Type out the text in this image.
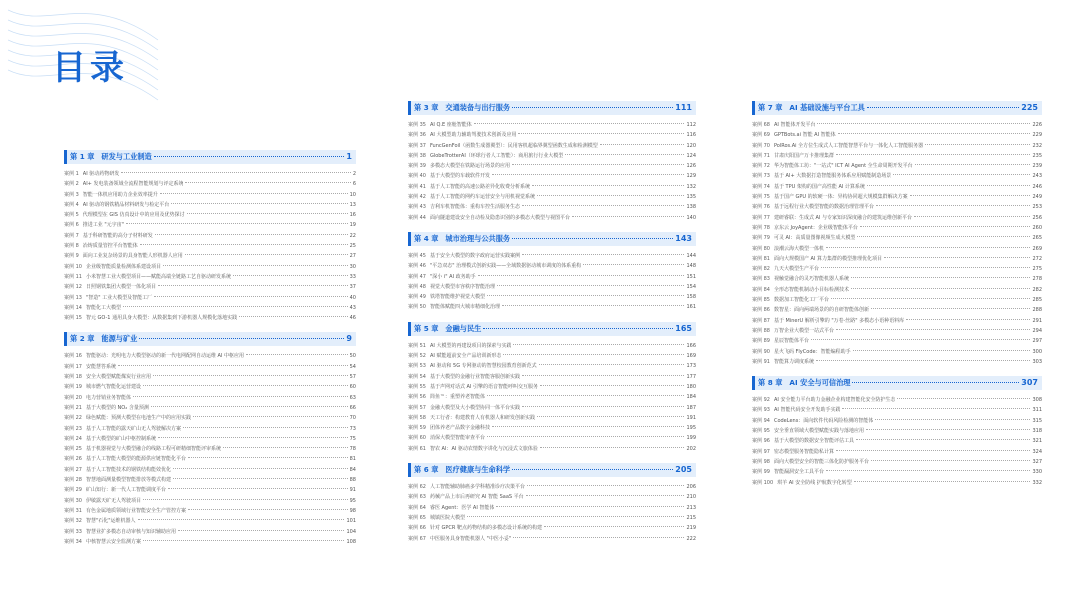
目录
第 1 章 研发与工业制造	1
案例 1 AI 驱动药物研发	2
案例 2 AI+ 发电装备领域全流程智能规划与评定系统	6
案例 3 智能一体机应用助力企业效率提升	10
案例 4 AI 驱动的钢铁精品材料研发与检定平台	13
案例 5 代理模型在 GIS 仿真设计中的应用及优势探讨	16
案例 6 推进工业 "元宇宙"	19
案例 7 基于科研智能的高分子材料研发	22
案例 8 冶铸质量管控平台智能体	25
案例 9 面向工业复杂场景的具身智能人形机器人应用	27
案例 10 企业级智能质量检测体系建设项目	30
案例 11 小米智慧工业大模型项目——赋能高端全链路工艺自驱动研发系统	33
案例 12 日照钢铁集团大模型一体化项目	37
案例 13 "智造" 工业大模型及智能工厂	40
案例 14 智能化工大模型	43
案例 15 智元 GO-1 通用具身大模型：从数据集到下游机器人规模化落地实践	46
第 2 章 能源与矿业	9
案例 16 智能驱动：光明电力大模型驱动的新一代电网配网自动运维 AI 中枢应用	50
案例 17 安能慧答系统	54
案例 18 安全大模型赋能煤炭行业应用	57
案例 19 城市燃气智能化运营建设	60
案例 20 电力营销业务智能体	63
案例 21 基于大模型的 NO₂ 含量预测	66
案例 22 绿色赋能：预测大模型在电池生产中的应用实践	70
案例 23 基于人工智能的露天矿山无人驾驶解决方案	73
案例 24 基于大模型的矿山中枢控制系统	75
案例 25 基于机器视觉与大模型融合的线路工程可研精细智能评审系统	78
案例 26 基于人工智能大模型的能源供应链智能化平台	81
案例 27 基于人工智能技术的钢铁结构能效优化	84
案例 28 智慧地面测量模型智能排放等模式构建	88
案例 29 矿山知行：新一代人工智能调度平台	91
案例 30 伊敏露天矿无人驾驶项目	95
案例 31 有色金属地质领域行业智能安全生产管控方案	98
案例 32 智慧"石化"运维机器人	101
案例 33 智慧业扩多模态自动审核与知识辅助应用	104
案例 34 中核智慧云安全监测方案	108
第 3 章 交通装备与出行服务	111
案例 35 AI Q.E 座舱智能体	112
案例 36 AI 大模型助力辅助驾驶技术创新及应用	116
案例 37 FuncGenFoil（函数生成器翼型）：民用客机超临界翼型函数生成和检测模型	120
案例 38 GlobeTrotterAI（环球行者人工智能）：商用旅行行业大模型	124
案例 39 多模态大模型在铁路运行场景的应用	126
案例 40 基于大模型的车载软件开发	129
案例 41 基于人工智能的高速公路差异化收费分析系统	132
案例 42 基于人工智能的网约车运营安全与用机视觉系统	135
案例 43 吉利车机智能体：重构车控生活服务生态	138
案例 44 面向隧道建设安全自动检及隐患识别的多模态大模型与视图平台	140
第 4 章 城市治理与公共服务	143
案例 45 基于安全大模型的数字政府运营实践案例	144
案例 46 "平急双态" 治理模式创新实践——全域数据驱动城市调度的体系重构	148
案例 47 "深小 i" AI 政务助手	151
案例 48 视觉大模型市容秩序智能治理	154
案例 49 铁塔智能维护视觉大模型	158
案例 50 智能体赋能四大城市精细化治理	161
第 5 章 金融与民生	165
案例 51 AI 大模型的再建设项目的探索与实践	166
案例 52 AI 赋能超前安全产品培训新形态	169
案例 53 AI 驱动和 5G 专网驱动的智慧校园教育创新范式	173
案例 54 基于大模型的金融行业智能客服创新实践	177
案例 55 基于声网对话式 AI 引擎的语音智能呼叫交互服务	180
案例 56 简鱼™：重塑养老智能体	184
案例 57 金融大模型及大小模型协同一体平台实践	187
案例 58 天工行者：构建教育人有机器人和研发创新实践	191
案例 59 团体养老产品数字金融科技	195
案例 60 消保大模型智能审查平台	199
案例 61 智农 AI：AI 驱动农情数字讲化与沉浸式文旅体验	202
第 6 章 医疗健康与生命科学	205
案例 62 人工智能辅助肺癌多学科精准诊疗决策平台	206
案例 63 药械产品上市后再研究 AI 智能 SaaS 平台	210
案例 64 睿医 Agent：医学 AI 智能体	213
案例 65 城镇医院大模型	215
案例 66 针对 GPCR 靶点药物结构的多模态设计系统的构建	219
案例 67 中医服务具身智能机器人 "中医小妥"	222
第 7 章 AI 基础设施与平台工具	225
案例 68 AI 智能体开发平台	226
案例 69 GPTBots.ai 智能 AI 智能体	229
案例 70 PolRos.Ai 全方位生成式人工智能智慧平台与一体化人工智能服务器	232
案例 71 甘肃庆阳国产万卡推理集群	235
案例 72 华为智能体工坊："一站式" ICT AI Agent 全生命周期开发平台	239
案例 73 基于 AI+ 大数据打造智能服务体系应用赋能制造场景	243
案例 74 基于 TPU 架构的国产高性能 AI 计算系统	246
案例 75 基于国产 GPU 的软硬一体：异构协同超大规模集群解决方案	249
案例 76 基于远程行业大模型智能的数据治理管理平台	253
案例 77 建研睿联：生成式 AI 与专家知识深度融合的建筑运维创新平台	256
案例 78 京东云 JoyAgent：企业级智能体平台	260
案例 79 可灵 AI：高质量图像视频生成大模型	265
案例 80 浪潮云海大模型一体机	269
案例 81 面向大规模国产 AI 算力集群的模型推理优化项目	272
案例 82 九天大模型生产平台	275
案例 83 视触觉融合的灵巧智能机器人系统	278
案例 84 全形态智能机制动小目标检测技术	282
案例 85 数据加工智能化工厂平台	285
案例 86 数智星：面向两端场景的的自研智能体创新	288
案例 87 基于 MinerU 解析引擎的 "万卷·丝路" 多模态小语种语料库	291
案例 88 万智企业大模型一站式平台	294
案例 89 星辰智能体平台	297
案例 90 星火飞码 FlyCode：智能编程助手	300
案例 91 智能算力调度系统	303
第 8 章 AI 安全与可信治理	307
案例 92 AI 安全能力平台助力金融企业构建智能化安全防护生态	308
案例 93 AI 智能代码安全开发助手实践	311
案例 94 CodeLens：面向软件代码风险检测的智能体	315
案例 95 安全垂直领域大模型赋能实践与落地应用	318
案例 96 基于大模型的数据安全智能评估工具	321
案例 97 密态模型服务智能隐私计算	324
案例 98 面向大模型安全的智能三体化防护服务平台	327
案例 99 智能漏洞安全工具平台	330
案例 100 琪羊 AI 安全防线 护航数字化转型	332
